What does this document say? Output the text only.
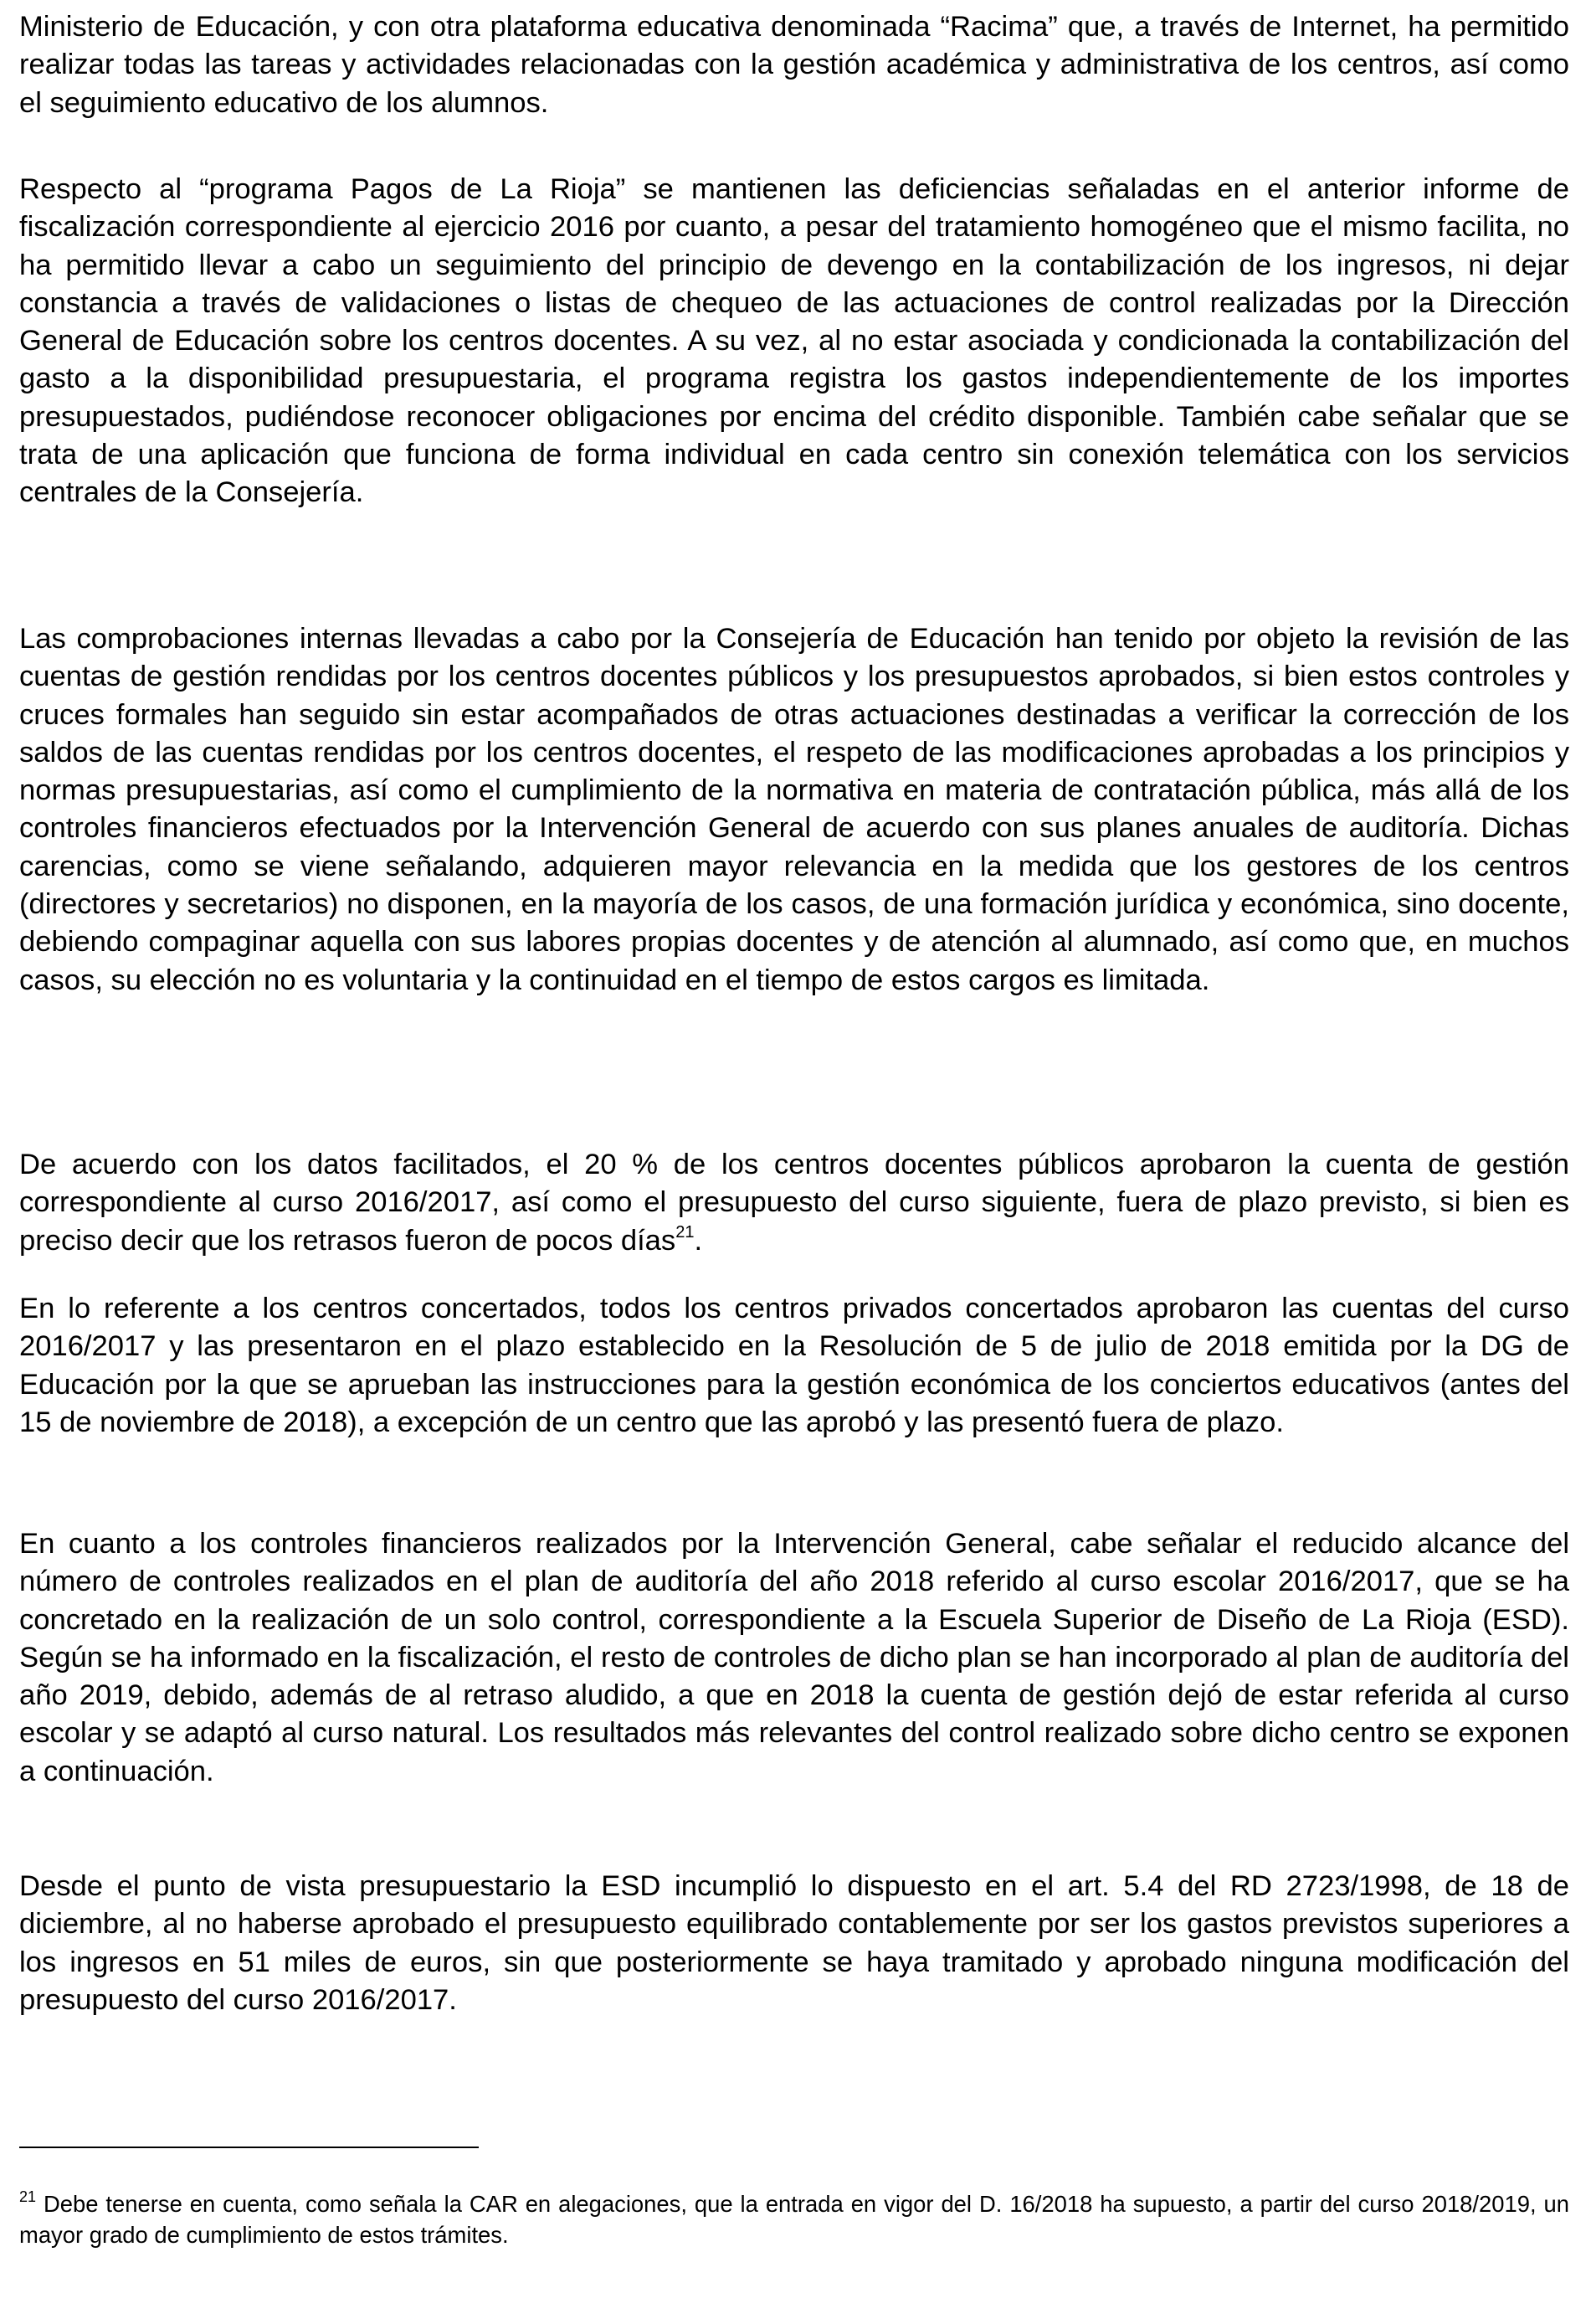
Ministerio de Educación, y con otra plataforma educativa denominada “Racima” que, a través de Internet, ha permitido realizar todas las tareas y actividades relacionadas con la gestión académica y administrativa de los centros, así como el seguimiento educativo de los alumnos.

Respecto al “programa Pagos de La Rioja” se mantienen las deficiencias señaladas en el anterior informe de fiscalización correspondiente al ejercicio 2016 por cuanto, a pesar del tratamiento homogéneo que el mismo facilita, no ha permitido llevar a cabo un seguimiento del principio de devengo en la contabilización de los ingresos, ni dejar constancia a través de validaciones o listas de chequeo de las actuaciones de control realizadas por la Dirección General de Educación sobre los centros docentes. A su vez, al no estar asociada y condicionada la contabilización del gasto a la disponibilidad presupuestaria, el programa registra los gastos independientemente de los importes presupuestados, pudiéndose reconocer obligaciones por encima del crédito disponible. También cabe señalar que se trata de una aplicación que funciona de forma individual en cada centro sin conexión telemática con los servicios centrales de la Consejería.

Las comprobaciones internas llevadas a cabo por la Consejería de Educación han tenido por objeto la revisión de las cuentas de gestión rendidas por los centros docentes públicos y los presupuestos aprobados, si bien estos controles y cruces formales han seguido sin estar acompañados de otras actuaciones destinadas a verificar la corrección de los saldos de las cuentas rendidas por los centros docentes, el respeto de las modificaciones aprobadas a los principios y normas presupuestarias, así como el cumplimiento de la normativa en materia de contratación pública, más allá de los controles financieros efectuados por la Intervención General de acuerdo con sus planes anuales de auditoría. Dichas carencias, como se viene señalando, adquieren mayor relevancia en la medida que los gestores de los centros (directores y secretarios) no disponen, en la mayoría de los casos, de una formación jurídica y económica, sino docente, debiendo compaginar aquella con sus labores propias docentes y de atención al alumnado, así como que, en muchos casos, su elección no es voluntaria y la continuidad en el tiempo de estos cargos es limitada.

De acuerdo con los datos facilitados, el 20 % de los centros docentes públicos aprobaron la cuenta de gestión correspondiente al curso 2016/2017, así como el presupuesto del curso siguiente, fuera de plazo previsto, si bien es preciso decir que los retrasos fueron de pocos días$^{21}$.

En lo referente a los centros concertados, todos los centros privados concertados aprobaron las cuentas del curso 2016/2017 y las presentaron en el plazo establecido en la Resolución de 5 de julio de 2018 emitida por la DG de Educación por la que se aprueban las instrucciones para la gestión económica de los conciertos educativos (antes del 15 de noviembre de 2018), a excepción de un centro que las aprobó y las presentó fuera de plazo.

En cuanto a los controles financieros realizados por la Intervención General, cabe señalar el reducido alcance del número de controles realizados en el plan de auditoría del año 2018 referido al curso escolar 2016/2017, que se ha concretado en la realización de un solo control, correspondiente a la Escuela Superior de Diseño de La Rioja (ESD). Según se ha informado en la fiscalización, el resto de controles de dicho plan se han incorporado al plan de auditoría del año 2019, debido, además de al retraso aludido, a que en 2018 la cuenta de gestión dejó de estar referida al curso escolar y se adaptó al curso natural. Los resultados más relevantes del control realizado sobre dicho centro se exponen a continuación.

Desde el punto de vista presupuestario la ESD incumplió lo dispuesto en el art. 5.4 del RD 2723/1998, de 18 de diciembre, al no haberse aprobado el presupuesto equilibrado contablemente por ser los gastos previstos superiores a los ingresos en 51 miles de euros, sin que posteriormente se haya tramitado y aprobado ninguna modificación del presupuesto del curso 2016/2017.

$^{21}$ Debe tenerse en cuenta, como señala la CAR en alegaciones, que la entrada en vigor del D. 16/2018 ha supuesto, a partir del curso 2018/2019, un mayor grado de cumplimiento de estos trámites.
